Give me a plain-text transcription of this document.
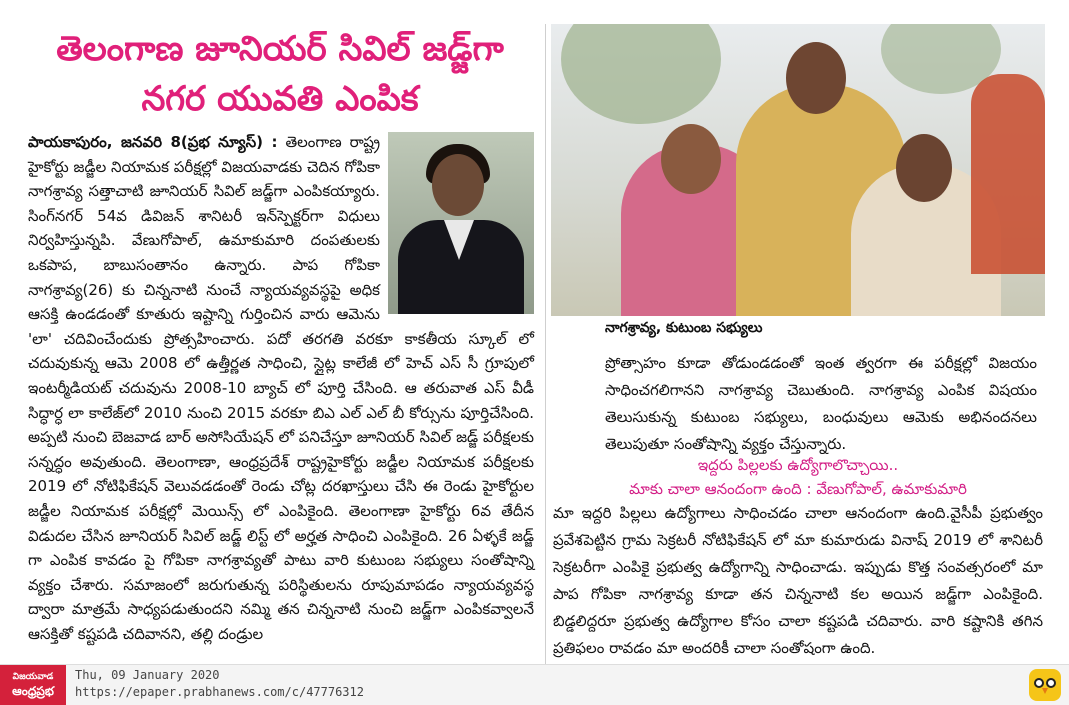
తెలంగాణ జూనియర్ సివిల్ జడ్జ్‌గా
నగర యువతి ఎంపిక

పాయకాపురం, జనవరి 8(ప్రభ న్యూస్) : తెలంగాణ రాష్ట్ర హైకోర్టు జడ్జీల నియామక పరీక్షల్లో విజయవాడకు చెదిన గోపికా నాగశ్రావ్య సత్తాచాటి జూనియర్ సివిల్ జడ్జ్‌గా ఎంపికయ్యారు. సింగ్‌నగర్ 54వ డివిజన్ శానిటరీ ఇన్‌స్పెక్టర్‌గా విధులు నిర్వహిస్తున్నపి. వేణుగోపాల్, ఉమాకుమారి దంపతులకు ఒకపాప, బాబుసంతానం ఉన్నారు. పాప గోపికా నాగశ్రావ్య(26) కు చిన్ననాటి నుంచే న్యాయవ్యవస్థపై అధిక ఆసక్తి ఉండడంతో కూతురు ఇష్టాన్ని గుర్తించిన వారు ఆమెను 'లా' చదివించేందుకు ప్రోత్సహించారు. పదో తరగతి వరకూ కాకతీయ స్కూల్ లో చదువుకున్న ఆమె 2008 లో ఉత్తీర్ణత సాధించి, స్లైట్ల కాలేజీ లో హెచ్ ఎస్ సీ గ్రూపులో ఇంటర్మీడియట్ చదువును 2008-10 బ్యాచ్ లో పూర్తి చేసింది. ఆ తరువాత ఎస్ వీడీ సిద్ధార్ధ లా కాలేజ్‌లో 2010 నుంచి 2015 వరకూ బిఎ ఎల్ ఎల్ బీ కోర్సును పూర్తిచేసింది. అప్పటి నుంచి బెజవాడ బార్ అసోసియేషన్ లో పనిచేస్తూ జూనియర్ సివిల్ జడ్జ్ పరీక్షలకు సన్నద్ధం అవుతుంది. తెలంగాణా, ఆంధ్రప్రదేశ్ రాష్ట్రహైకోర్టు జడ్జీల నియామక పరీక్షలకు 2019 లో నోటిఫికేషన్ వెలువడడంతో రెండు చోట్ల దరఖాస్తులు చేసి ఈ రెండు హైకోర్టుల జడ్జీల నియామక పరీక్షల్లో మెయిన్స్ లో ఎంపికైంది. తెలంగాణా హైకోర్టు 6వ తేదీన విడుదల చేసిన జూనియర్ సివిల్ జడ్జ్ లిస్ట్ లో అర్హత సాధించి ఎంపికైంది. 26 ఏళ్ళకే జడ్జ్ గా ఎంపిక కావడం పై గోపికా నాగశ్రావ్యతో పాటు వారి కుటుంబ సభ్యులు సంతోషాన్ని వ్యక్తం చేశారు. సమాజంలో జరుగుతున్న పరిస్థితులను రూపుమాపడం న్యాయవ్యవస్థ ద్వారా మాత్రమే సాధ్యపడుతుందని నమ్మి తన చిన్ననాటి నుంచి జడ్జ్‌గా ఎంపికవ్వాలనే ఆసక్తితో కష్టపడి చదివానని, తల్లి దండ్రుల

నాగశ్రావ్య, కుటుంబ సభ్యులు

ప్రోత్సాహం కూడా తోడుండడంతో ఇంత త్వరగా ఈ పరీక్షల్లో విజయం సాధించగలిగానని నాగశ్రావ్య చెబుతుంది. నాగశ్రావ్య ఎంపిక విషయం తెలుసుకున్న కుటుంబ సభ్యులు, బంధువులు ఆమెకు అభినందనలు తెలుపుతూ సంతోషాన్ని వ్యక్తం చేస్తున్నారు.

ఇద్దరు పిల్లలకు ఉద్యోగాలొచ్చాయి..
మాకు చాలా ఆనందంగా ఉంది : వేణుగోపాల్, ఉమాకుమారి

మా ఇద్దరి పిల్లలు ఉద్యోగాలు సాధించడం చాలా ఆనందంగా ఉంది.వైసీపీ ప్రభుత్వం ప్రవేశపెట్టిన గ్రామ సెక్రటరీ నోటిఫికేషన్ లో మా కుమారుడు వినాష్ 2019 లో శానిటరీ సెక్రటరీగా ఎంపికై ప్రభుత్వ ఉద్యోగాన్ని సాధించాడు. ఇప్పుడు కొత్త సంవత్సరంలో మా పాప గోపికా నాగశ్రావ్య కూడా తన చిన్ననాటి కల అయిన జడ్జ్‌గా ఎంపికైంది. బిడ్డలిద్దరూ ప్రభుత్వ ఉద్యోగాల కోసం చాలా కష్టపడి చదివారు. వారి కష్టానికి తగిన ప్రతిఫలం రావడం మా అందరికీ చాలా సంతోషంగా ఉంది.

విజయవాడ
ఆంధ్రప్రభ
Thu, 09 January 2020
https://epaper.prabhanews.com/c/47776312
